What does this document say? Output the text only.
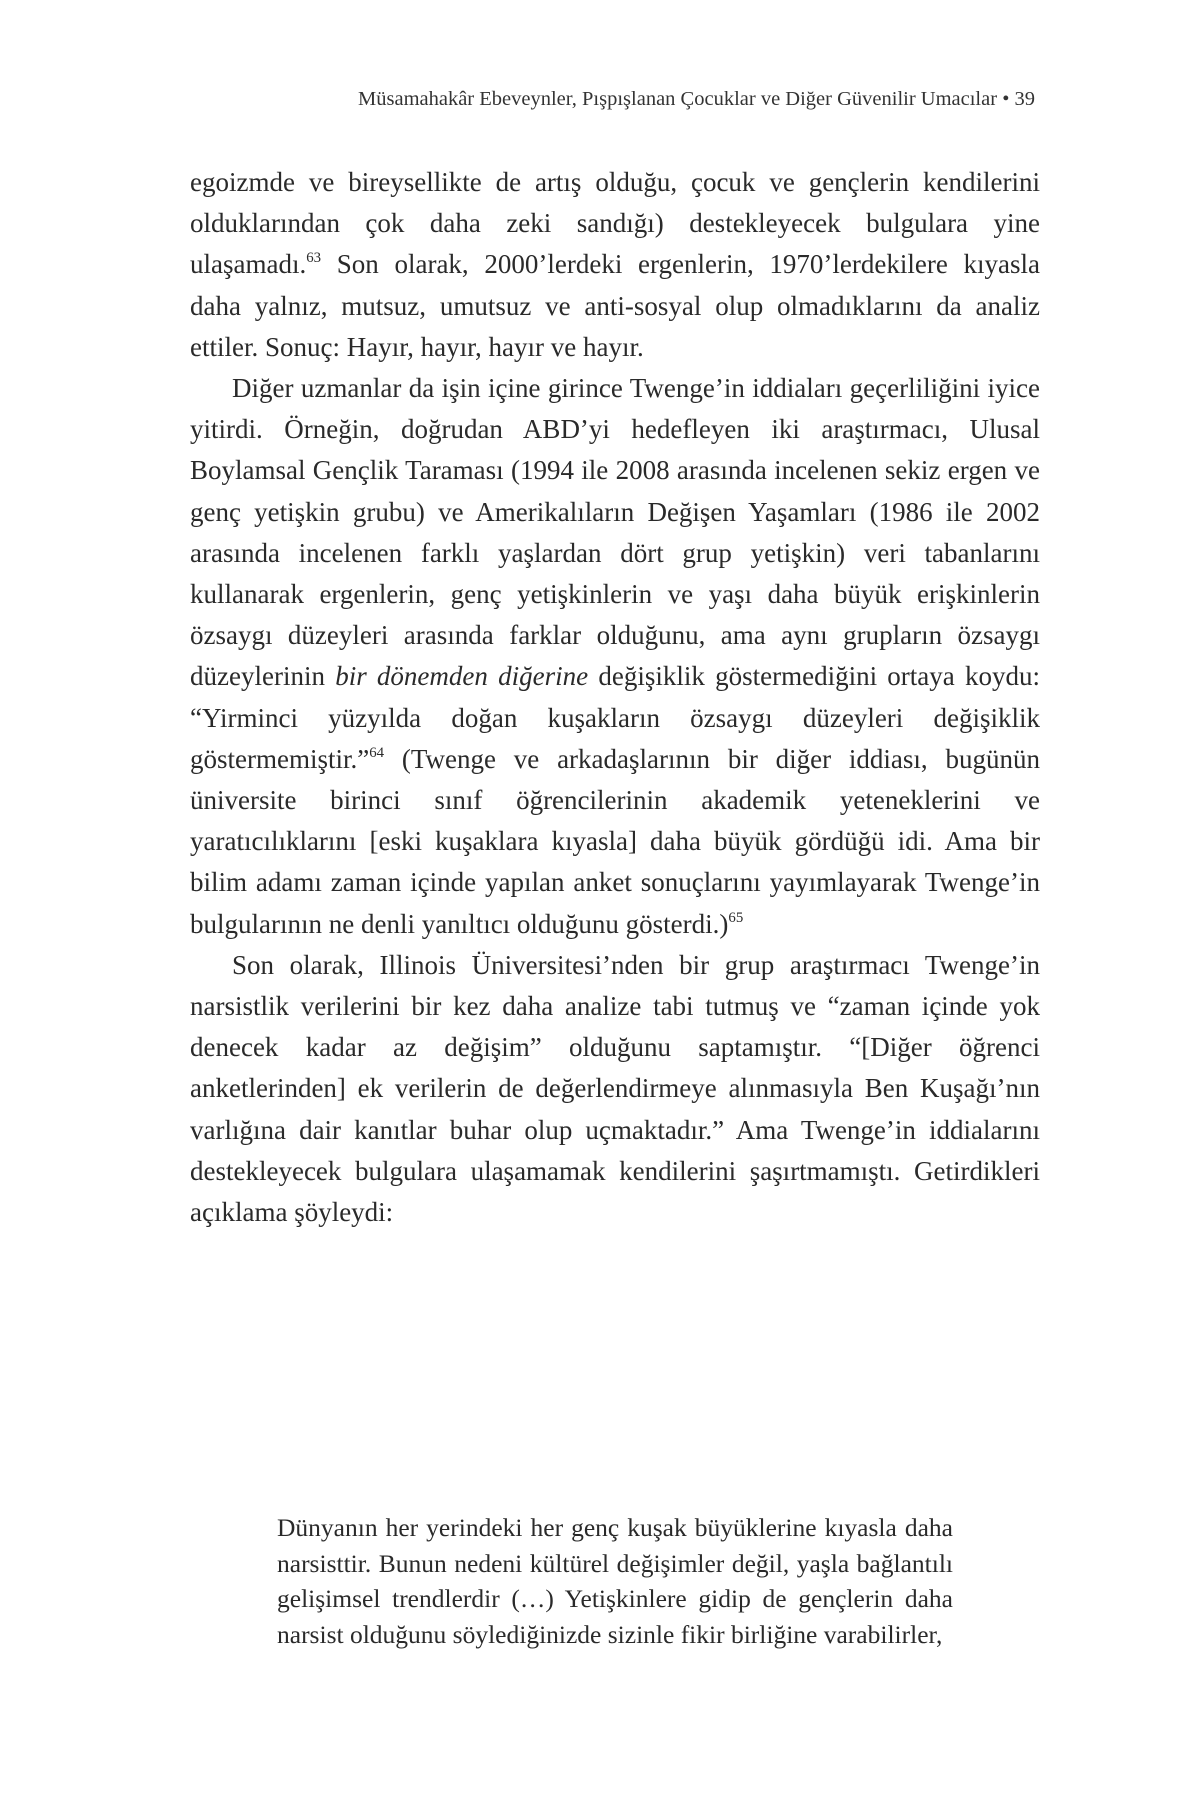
Müsamahakâr Ebeveynler, Pışpışlanan Çocuklar ve Diğer Güvenilir Umacılar • 39

egoizmde ve bireysellikte de artış olduğu, çocuk ve gençlerin kendilerini olduklarından çok daha zeki sandığı) destekleyecek bulgulara yine ulaşamadı.$^{63}$ Son olarak, 2000’lerdeki ergenlerin, 1970’lerdekilere kıyasla daha yalnız, mutsuz, umutsuz ve anti-sosyal olup olmadıklarını da analiz ettiler. Sonuç: Hayır, hayır, hayır ve hayır.

Diğer uzmanlar da işin içine girince Twenge’in iddiaları geçerliliğini iyice yitirdi. Örneğin, doğrudan ABD’yi hedefleyen iki araştırmacı, Ulusal Boylamsal Gençlik Taraması (1994 ile 2008 arasında incelenen sekiz ergen ve genç yetişkin grubu) ve Amerikalıların Değişen Yaşamları (1986 ile 2002 arasında incelenen farklı yaşlardan dört grup yetişkin) veri tabanlarını kullanarak ergenlerin, genç yetişkinlerin ve yaşı daha büyük erişkinlerin özsaygı düzeyleri arasında farklar olduğunu, ama aynı grupların özsaygı düzeylerinin bir dönemden diğerine değişiklik göstermediğini ortaya koydu: “Yirminci yüzyılda doğan kuşakların özsaygı düzeyleri değişiklik göstermemiştir.”$^{64}$ (Twenge ve arkadaşlarının bir diğer iddiası, bugünün üniversite birinci sınıf öğrencilerinin akademik yeteneklerini ve yaratıcılıklarını [eski kuşaklara kıyasla] daha büyük gördüğü idi. Ama bir bilim adamı zaman içinde yapılan anket sonuçlarını yayımlayarak Twenge’in bulgularının ne denli yanıltıcı olduğunu gösterdi.)$^{65}$

Son olarak, Illinois Üniversitesi’nden bir grup araştırmacı Twenge’in narsistlik verilerini bir kez daha analize tabi tutmuş ve “zaman içinde yok denecek kadar az değişim” olduğunu saptamıştır. “[Diğer öğrenci anketlerinden] ek verilerin de değerlendirmeye alınmasıyla Ben Kuşağı’nın varlığına dair kanıtlar buhar olup uçmaktadır.” Ama Twenge’in iddialarını destekleyecek bulgulara ulaşamamak kendilerini şaşırtmamıştı. Getirdikleri açıklama şöyleydi:

Dünyanın her yerindeki her genç kuşak büyüklerine kıyasla daha narsisttir. Bunun nedeni kültürel değişimler değil, yaşla bağlantılı gelişimsel trendlerdir (…) Yetişkinlere gidip de gençlerin daha narsist olduğunu söylediğinizde sizinle fikir birliğine varabilirler,
